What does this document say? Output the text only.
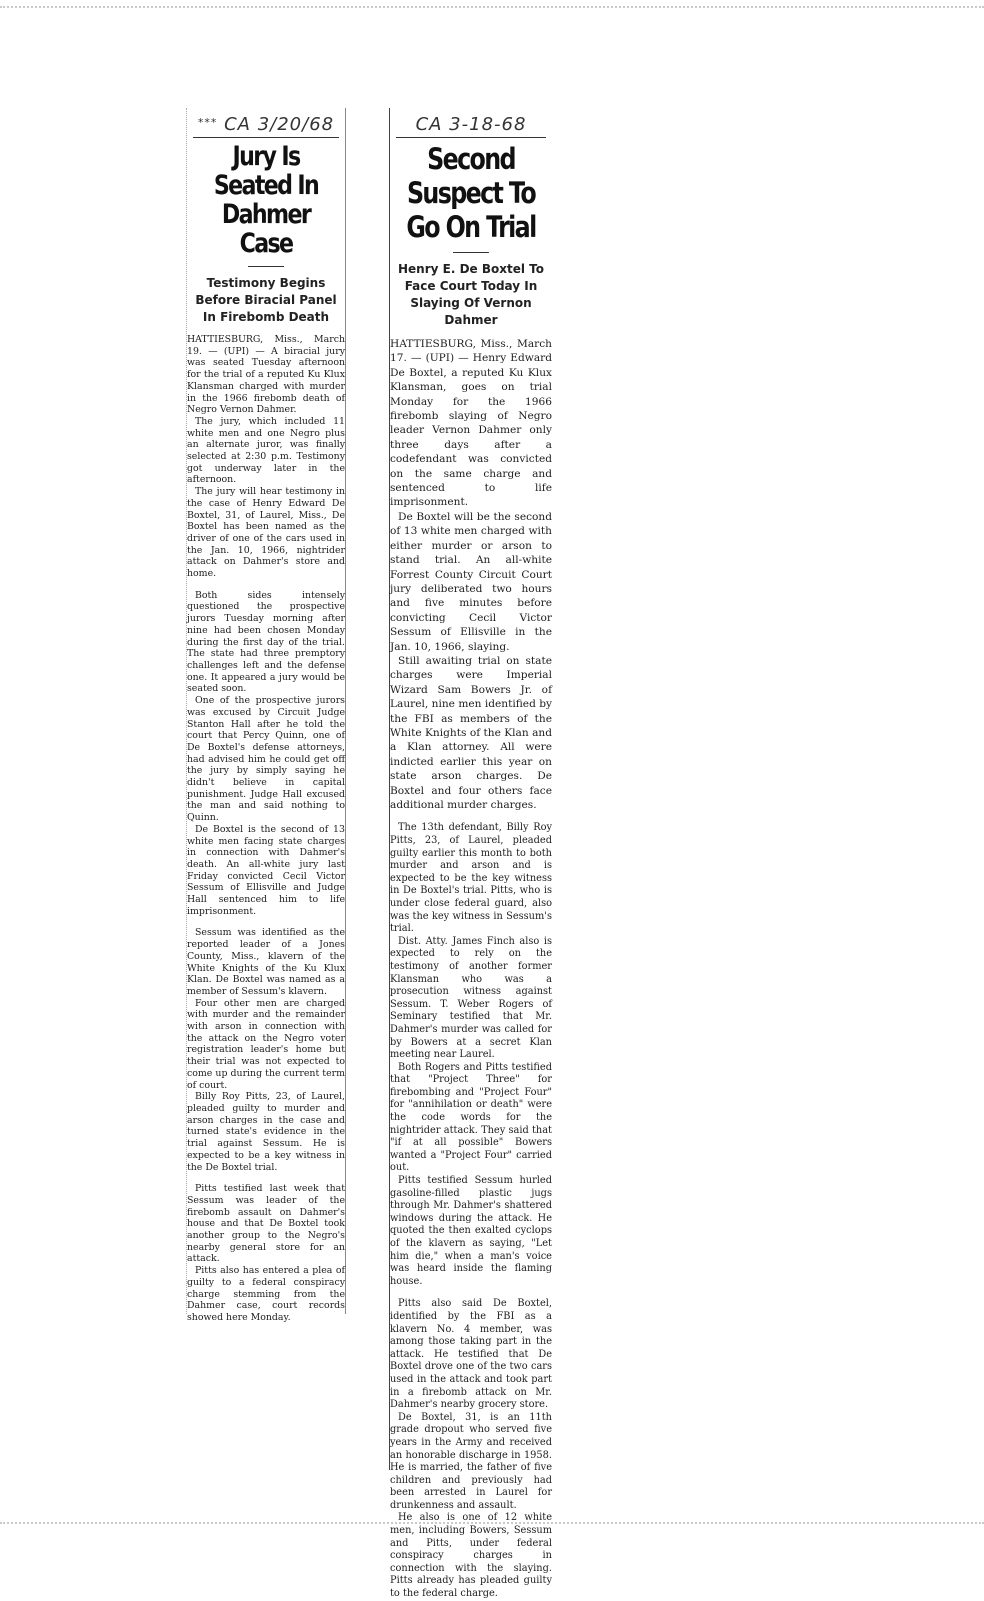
*** CA 3/20/68
Jury Is Seated In Dahmer Case
Testimony Begins Before Biracial Panel In Firebomb Death

HATTIESBURG, Miss., March 19. — (UPI) — A biracial jury was seated Tuesday afternoon for the trial of a reputed Ku Klux Klansman charged with murder in the 1966 firebomb death of Negro Vernon Dahmer.

The jury, which included 11 white men and one Negro plus an alternate juror, was finally selected at 2:30 p.m. Testimony got underway later in the afternoon.

The jury will hear testimony in the case of Henry Edward De Boxtel, 31, of Laurel, Miss., De Boxtel has been named as the driver of one of the cars used in the Jan. 10, 1966, nightrider attack on Dahmer's store and home.

Both sides intensely questioned the prospective jurors Tuesday morning after nine had been chosen Monday during the first day of the trial. The state had three premptory challenges left and the defense one. It appeared a jury would be seated soon.

One of the prospective jurors was excused by Circuit Judge Stanton Hall after he told the court that Percy Quinn, one of De Boxtel's defense attorneys, had advised him he could get off the jury by simply saying he didn't believe in capital punishment. Judge Hall excused the man and said nothing to Quinn.

De Boxtel is the second of 13 white men facing state charges in connection with Dahmer's death. An all-white jury last Friday convicted Cecil Victor Sessum of Ellisville and Judge Hall sentenced him to life imprisonment.

Sessum was identified as the reported leader of a Jones County, Miss., klavern of the White Knights of the Ku Klux Klan. De Boxtel was named as a member of Sessum's klavern.

Four other men are charged with murder and the remainder with arson in connection with the attack on the Negro voter registration leader's home but their trial was not expected to come up during the current term of court.

Billy Roy Pitts, 23, of Laurel, pleaded guilty to murder and arson charges in the case and turned state's evidence in the trial against Sessum. He is expected to be a key witness in the De Boxtel trial.

Pitts testified last week that Sessum was leader of the firebomb assault on Dahmer's house and that De Boxtel took another group to the Negro's nearby general store for an attack.

Pitts also has entered a plea of guilty to a federal conspiracy charge stemming from the Dahmer case, court records showed here Monday.

CA 3-18-68
Second Suspect To Go On Trial
Henry E. De Boxtel To Face Court Today In Slaying Of Vernon Dahmer

HATTIESBURG, Miss., March 17. — (UPI) — Henry Edward De Boxtel, a reputed Ku Klux Klansman, goes on trial Monday for the 1966 firebomb slaying of Negro leader Vernon Dahmer only three days after a codefendant was convicted on the same charge and sentenced to life imprisonment.

De Boxtel will be the second of 13 white men charged with either murder or arson to stand trial. An all-white Forrest County Circuit Court jury deliberated two hours and five minutes before convicting Cecil Victor Sessum of Ellisville in the Jan. 10, 1966, slaying.

Still awaiting trial on state charges were Imperial Wizard Sam Bowers Jr. of Laurel, nine men identified by the FBI as members of the White Knights of the Klan and a Klan attorney. All were indicted earlier this year on state arson charges. De Boxtel and four others face additional murder charges.

The 13th defendant, Billy Roy Pitts, 23, of Laurel, pleaded guilty earlier this month to both murder and arson and is expected to be the key witness in De Boxtel's trial. Pitts, who is under close federal guard, also was the key witness in Sessum's trial.

Dist. Atty. James Finch also is expected to rely on the testimony of another former Klansman who was a prosecution witness against Sessum. T. Weber Rogers of Seminary testified that Mr. Dahmer's murder was called for by Bowers at a secret Klan meeting near Laurel.

Both Rogers and Pitts testified that "Project Three" for firebombing and "Project Four" for "annihilation or death" were the code words for the nightrider attack. They said that "if at all possible" Bowers wanted a "Project Four" carried out.

Pitts testified Sessum hurled gasoline-filled plastic jugs through Mr. Dahmer's shattered windows during the attack. He quoted the then exalted cyclops of the klavern as saying, "Let him die," when a man's voice was heard inside the flaming house.

Pitts also said De Boxtel, identified by the FBI as a klavern No. 4 member, was among those taking part in the attack. He testified that De Boxtel drove one of the two cars used in the attack and took part in a firebomb attack on Mr. Dahmer's nearby grocery store.

De Boxtel, 31, is an 11th grade dropout who served five years in the Army and received an honorable discharge in 1958. He is married, the father of five children and previously had been arrested in Laurel for drunkenness and assault.

He also is one of 12 white men, including Bowers, Sessum and Pitts, under federal conspiracy charges in connection with the slaying. Pitts already has pleaded guilty to the federal charge.
